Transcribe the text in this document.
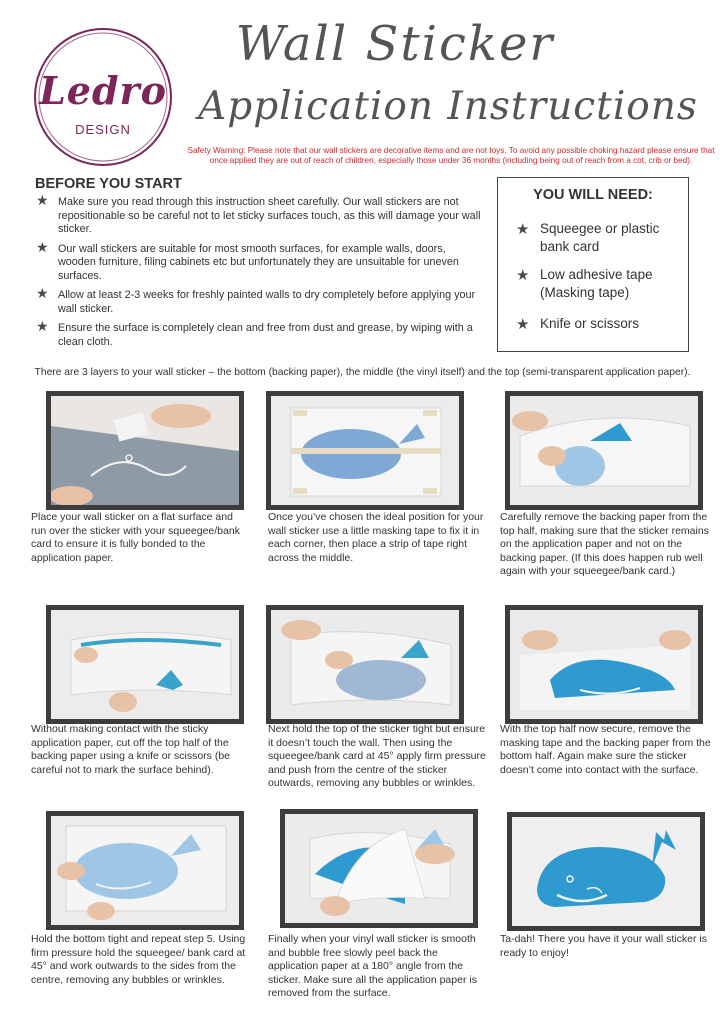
Ledro
DESIGN
Wall Sticker
Application Instructions
Safety Warning: Please note that our wall stickers are decorative items and are not toys. To avoid any possible choking hazard please ensure that once applied they are out of reach of children, especially those under 36 months (including being out of reach from a cot, crib or bed).
BEFORE YOU START
★ Make sure you read through this instruction sheet carefully. Our wall stickers are not repositionable so be careful not to let sticky surfaces touch, as this will damage your wall sticker.
★ Our wall stickers are suitable for most smooth surfaces, for example walls, doors, wooden furniture, filing cabinets etc but unfortunately they are unsuitable for uneven surfaces.
★ Allow at least 2-3 weeks for freshly painted walls to dry completely before applying your wall sticker.
★ Ensure the surface is completely clean and free from dust and grease, by wiping with a clean cloth.
YOU WILL NEED:
★ Squeegee or plastic bank card
★ Low adhesive tape (Masking tape)
★ Knife or scissors
There are 3 layers to your wall sticker – the bottom (backing paper), the middle (the vinyl itself) and the top (semi-transparent application paper).
Place your wall sticker on a flat surface and run over the sticker with your squeegee/bank card to ensure it is fully bonded to the application paper.
Once you’ve chosen the ideal position for your wall sticker use a little masking tape to fix it in each corner, then place a strip of tape right across the middle.
Carefully remove the backing paper from the top half, making sure that the sticker remains on the application paper and not on the backing paper. (If this does happen rub well again with your squeegee/bank card.)
Without making contact with the sticky application paper, cut off the top half of the backing paper using a knife or scissors (be careful not to mark the surface behind).
Next hold the top of the sticker tight but ensure it doesn’t touch the wall. Then using the squeegee/bank card at 45° apply firm pressure and push from the centre of the sticker outwards, removing any bubbles or wrinkles.
With the top half now secure, remove the masking tape and the backing paper from the bottom half. Again make sure the sticker doesn’t come into contact with the surface.
Hold the bottom tight and repeat step 5. Using firm pressure hold the squeegee/ bank card at 45° and work outwards to the sides from the centre, removing any bubbles or wrinkles.
Finally when your vinyl wall sticker is smooth and bubble free slowly peel back the application paper at a 180° angle from the sticker. Make sure all the application paper is removed from the surface.
Ta-dah! There you have it your wall sticker is ready to enjoy!
